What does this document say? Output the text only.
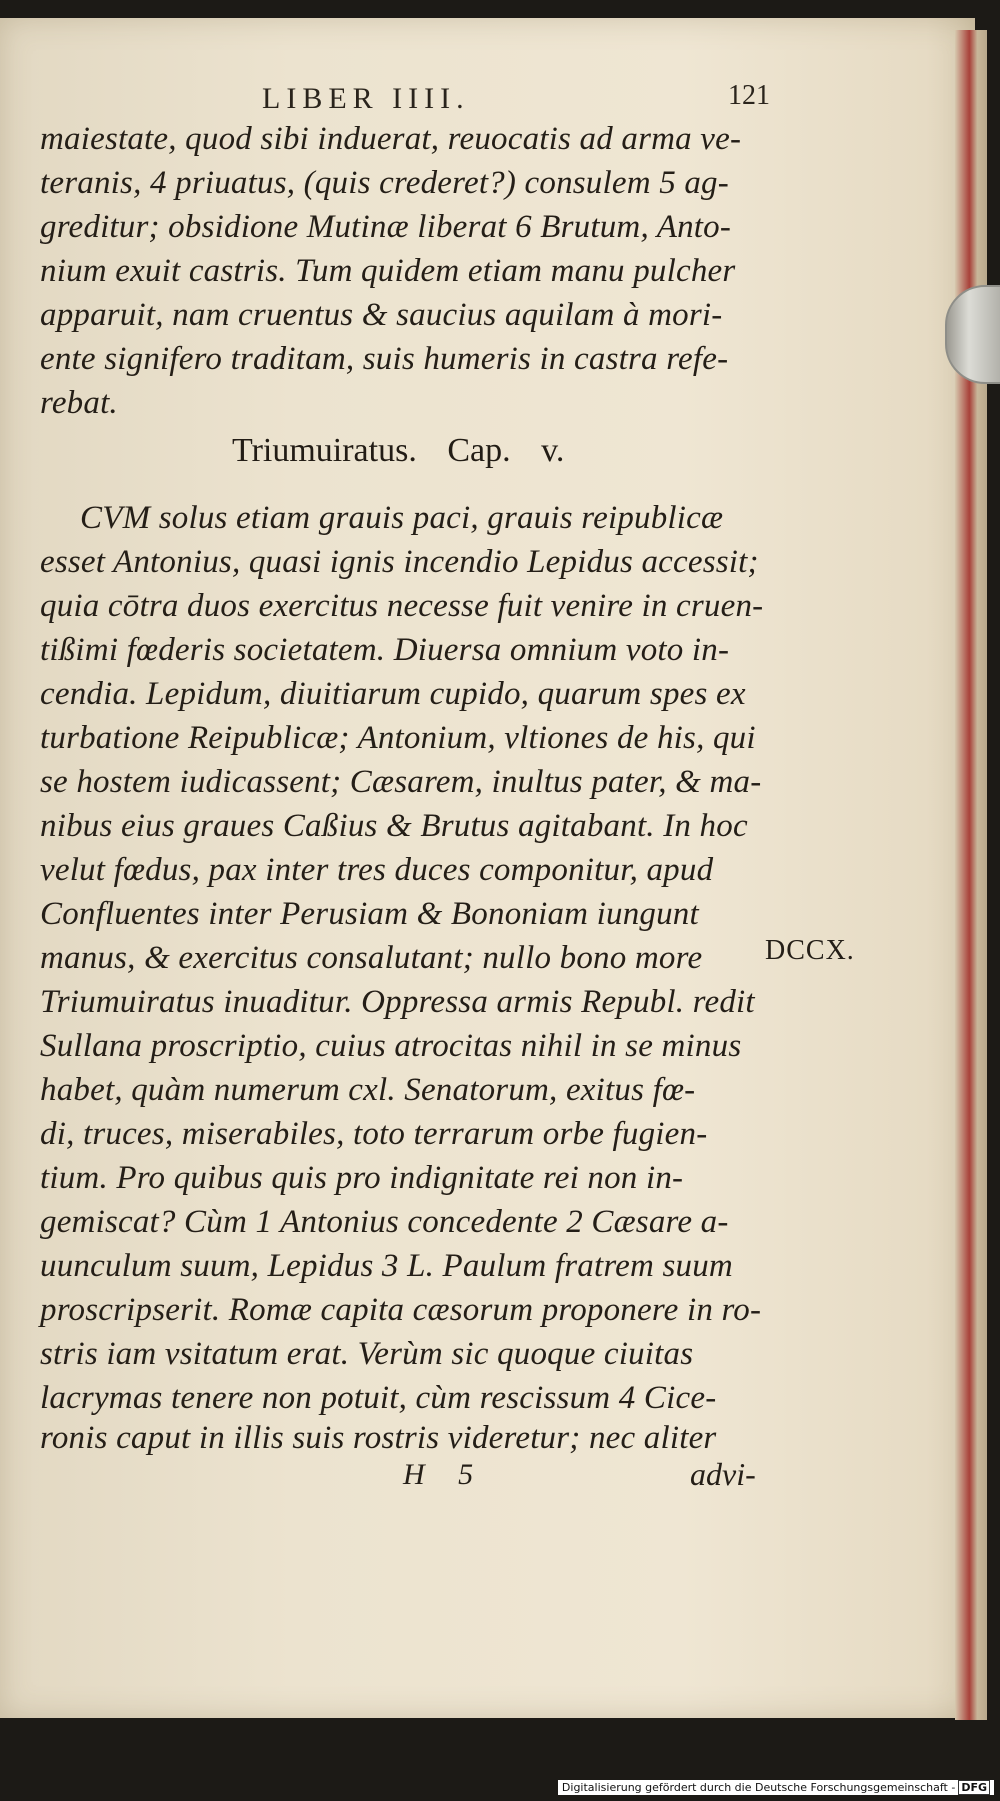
LIBER IIII.	121
maiestate, quod sibi induerat, reuocatis ad arma ve-
teranis, 4 priuatus, (quis crederet?) consulem 5 ag-
greditur; obsidione Mutinæ liberat 6 Brutum, Anto-
nium exuit castris. Tum quidem etiam manu pulcher
apparuit, nam cruentus & saucius aquilam à mori-
ente signifero traditam, suis humeris in castra refe-
rebat.
Triumuiratus. Cap. v.
CVM solus etiam grauis paci, grauis reipublicæ
esset Antonius, quasi ignis incendio Lepidus accessit;
quia cōtra duos exercitus necesse fuit venire in cruen-
tißimi fœderis societatem. Diuersa omnium voto in-
cendia. Lepidum, diuitiarum cupido, quarum spes ex
turbatione Reipublicæ; Antonium, vltiones de his, qui
se hostem iudicassent; Cæsarem, inultus pater, & ma-
nibus eius graues Caßius & Brutus agitabant. In hoc
velut fœdus, pax inter tres duces componitur, apud
Confluentes inter Perusiam & Bononiam iungunt
manus, & exercitus consalutant; nullo bono more
Triumuiratus inuaditur. Oppressa armis Republ. redit
Sullana proscriptio, cuius atrocitas nihil in se minus
habet, quàm numerum cxl. Senatorum, exitus fœ-
di, truces, miserabiles, toto terrarum orbe fugien-
tium. Pro quibus quis pro indignitate rei non in-
gemiscat? Cùm 1 Antonius concedente 2 Cæsare a-
uunculum suum, Lepidus 3 L. Paulum fratrem suum
proscripserit. Romæ capita cæsorum proponere in ro-
stris iam vsitatum erat. Verùm sic quoque ciuitas
lacrymas tenere non potuit, cùm rescissum 4 Cice-
ronis caput in illis suis rostris videretur; nec aliter
DCCX.
H 5	advi-
Digitalisierung gefördert durch die Deutsche Forschungsgemeinschaft - DFG
